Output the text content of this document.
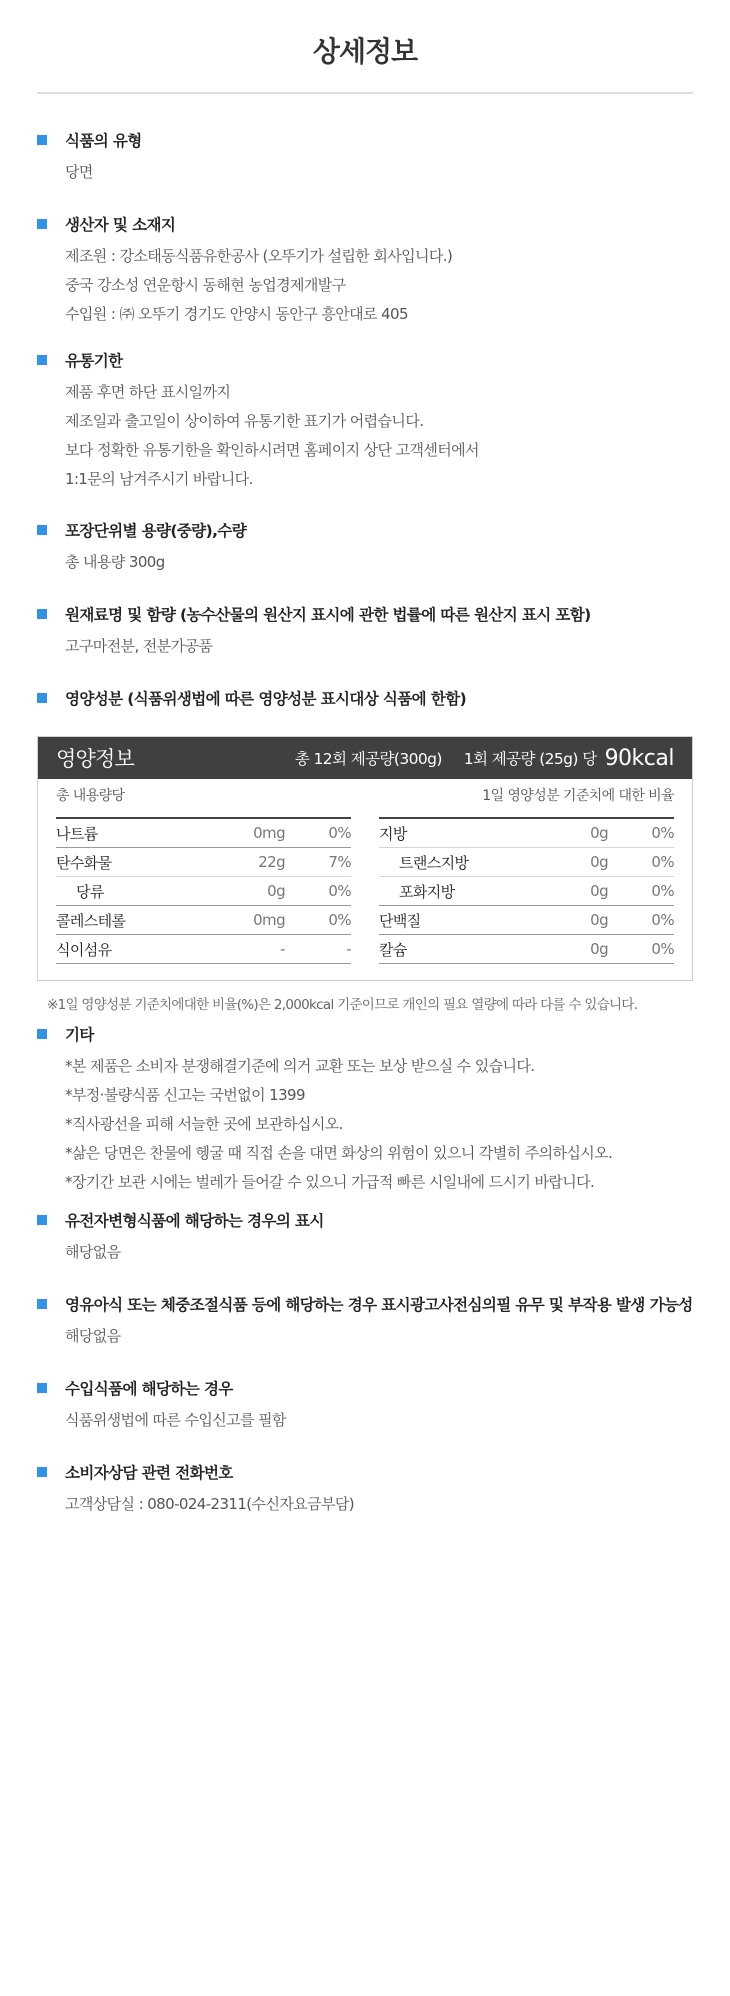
상세정보
식품의 유형
당면
생산자 및 소재지
제조원 : 강소태동식품유한공사 (오뚜기가 설립한 회사입니다.)
중국 강소성 연운항시 동해현 농업경제개발구
수입원 : ㈜ 오뚜기 경기도 안양시 동안구 흥안대로 405
유통기한
제품 후면 하단 표시일까지
제조일과 출고일이 상이하여 유통기한 표기가 어렵습니다.
보다 정확한 유통기한을 확인하시려면 홈페이지 상단 고객센터에서
1:1문의 남겨주시기 바랍니다.
포장단위별 용량(중량),수량
총 내용량 300g
원재료명 및 함량 (농수산물의 원산지 표시에 관한 법률에 따른 원산지 표시 포함)
고구마전분, 전분가공품
영양성분 (식품위생법에 따른 영양성분 표시대상 식품에 한함)
기타
*본 제품은 소비자 분쟁해결기준에 의거 교환 또는 보상 받으실 수 있습니다.
*부정·불량식품 신고는 국번없이 1399
*직사광선을 피해 서늘한 곳에 보관하십시오.
*삶은 당면은 찬물에 헹굴 때 직접 손을 대면 화상의 위험이 있으니 각별히 주의하십시오.
*장기간 보관 시에는 벌레가 들어갈 수 있으니 가급적 빠른 시일내에 드시기 바랍니다.
유전자변형식품에 해당하는 경우의 표시
해당없음
영유아식 또는 체중조절식품 등에 해당하는 경우 표시광고사전심의필 유무 및 부작용 발생 가능성
해당없음
수입식품에 해당하는 경우
식품위생법에 따른 수입신고를 필함
소비자상담 관련 전화번호
고객상담실 : 080-024-2311(수신자요금부담)
영양정보	총 12회 제공량(300g) 1회 제공량 (25g) 당 90kcal
총 내용량당	1일 영양성분 기준치에 대한 비율
나트륨	0mg	0%
탄수화물	22g	7%
당류	0g	0%
콜레스테롤	0mg	0%
식이섬유	-	-
지방	0g	0%
트랜스지방	0g	0%
포화지방	0g	0%
단백질	0g	0%
칼슘	0g	0%
※1일 영양성분 기준치에대한 비율(%)은 2,000kcal 기준이므로 개인의 필요 열량에 따라 다를 수 있습니다.
